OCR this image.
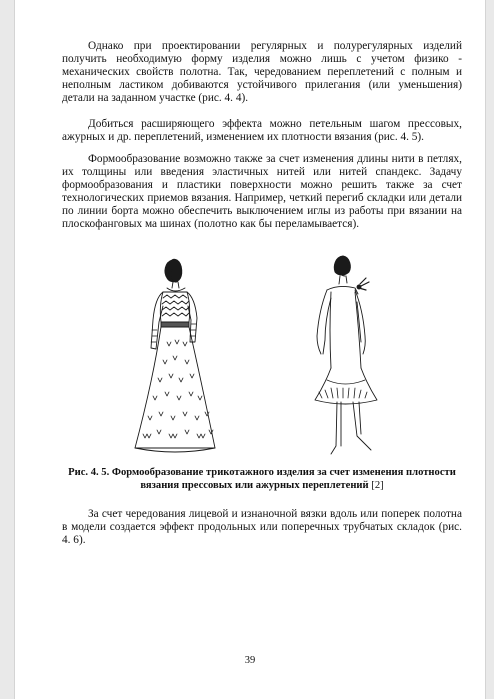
Однако при проектировании регулярных и полурегулярных изделий получить необходимую форму изделия можно лишь с учетом физико - механических свойств полотна. Так, чередованием переплетений с полным и неполным ластиком добиваются устойчивого прилегания (или уменьшения) детали на заданном участке (рис. 4. 4).

Добиться расширяющего эффекта можно петельным шагом прессовых, ажурных и др. переплетений, изменением их плотности вязания (рис. 4. 5).

Формообразование возможно также за счет изменения длины нити в петлях, их толщины или введения эластичных нитей или нитей спандекс. Задачу формообразования и пластики поверхности можно решить также за счет технологических приемов вязания. Например, четкий перегиб складки или детали по линии борта можно обеспечить выключением иглы из работы при вязании на плоскофанговых ма шинах (полотно как бы переламывается).

Рис. 4. 5. Формообразование трикотажного изделия за счет изменения плотности вязания прессовых или ажурных переплетений [2]

За счет чередования лицевой и изнаночной вязки вдоль или поперек полотна в модели создается эффект продольных или поперечных трубчатых складок (рис. 4. 6).

39
